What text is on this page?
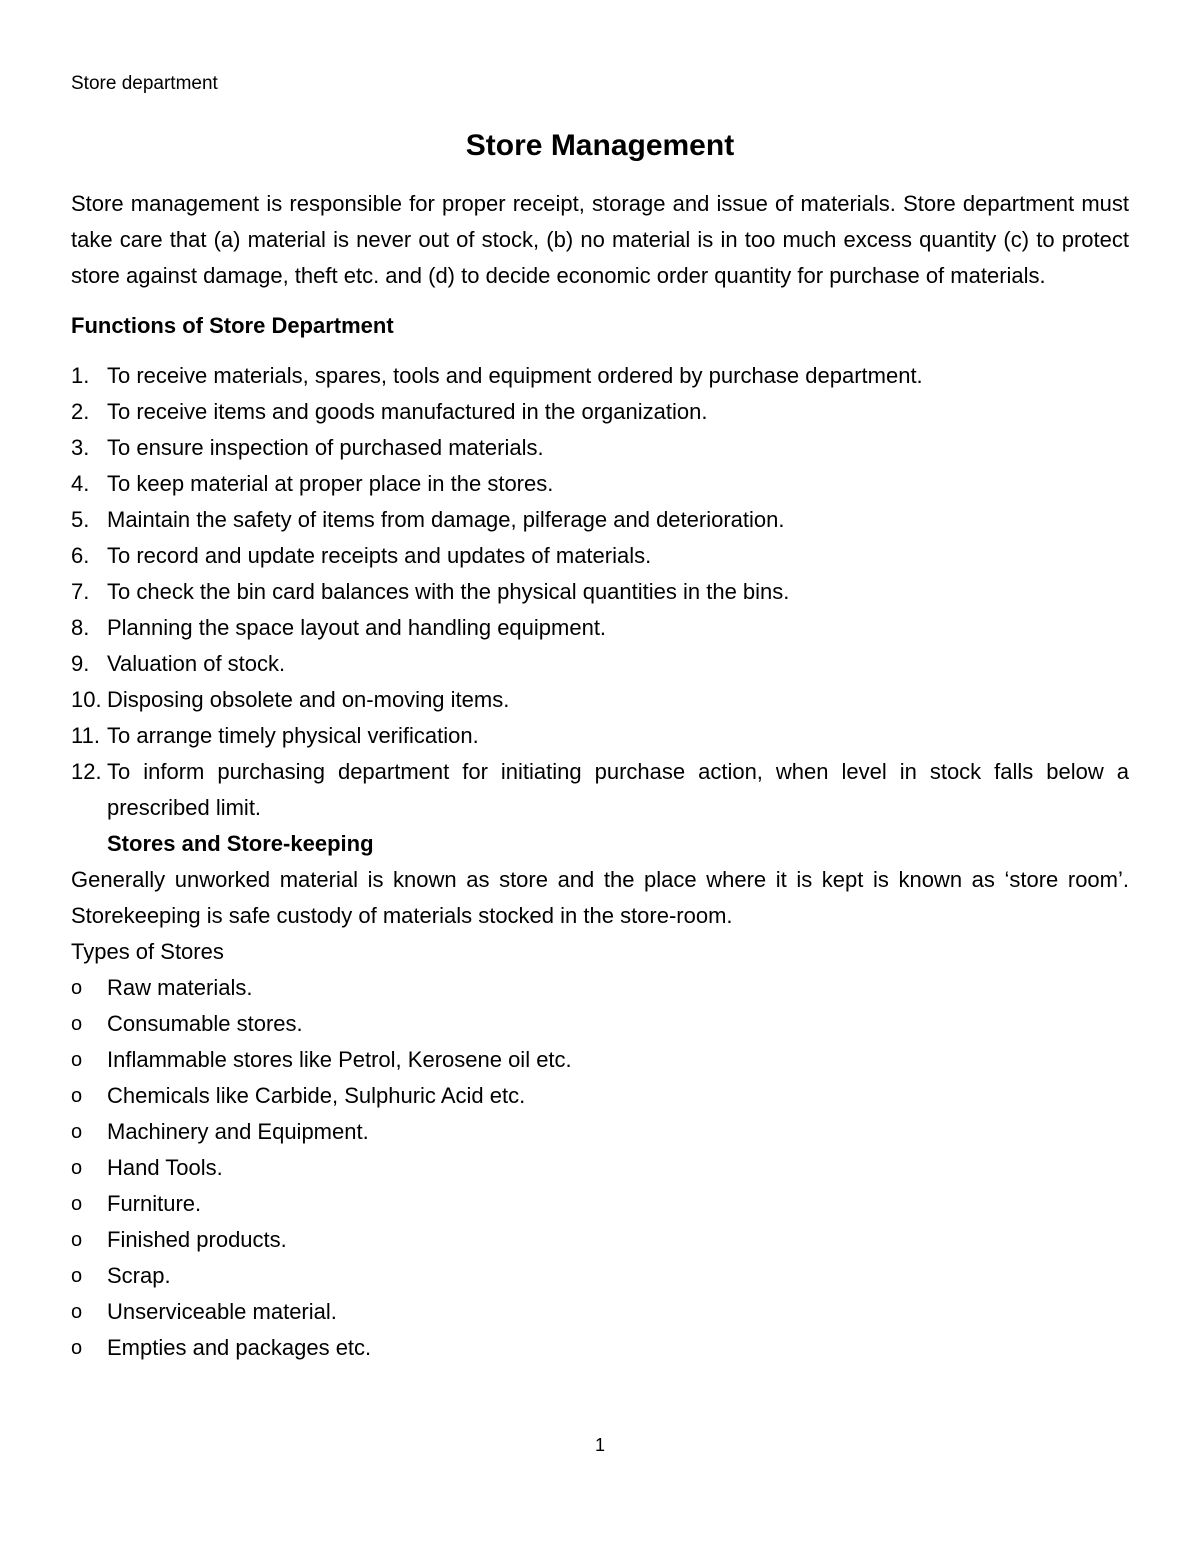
Store department
Store Management

Store management is responsible for proper receipt, storage and issue of materials. Store department must take care that (a) material is never out of stock, (b) no material is in too much excess quantity (c) to protect store against damage, theft etc. and (d) to decide economic order quantity for purchase of materials.

Functions of Store Department
1. To receive materials, spares, tools and equipment ordered by purchase department.
2. To receive items and goods manufactured in the organization.
3. To ensure inspection of purchased materials.
4. To keep material at proper place in the stores.
5. Maintain the safety of items from damage, pilferage and deterioration.
6. To record and update receipts and updates of materials.
7. To check the bin card balances with the physical quantities in the bins.
8. Planning the space layout and handling equipment.
9. Valuation of stock.
10. Disposing obsolete and on-moving items.
11. To arrange timely physical verification.
12. To inform purchasing department for initiating purchase action, when level in stock falls below a prescribed limit.
Stores and Store-keeping

Generally unworked material is known as store and the place where it is kept is known as ‘store room’. Storekeeping is safe custody of materials stocked in the store-room.

Types of Stores
o Raw materials.
o Consumable stores.
o Inflammable stores like Petrol, Kerosene oil etc.
o Chemicals like Carbide, Sulphuric Acid etc.
o Machinery and Equipment.
o Hand Tools.
o Furniture.
o Finished products.
o Scrap.
o Unserviceable material.
o Empties and packages etc.
1
